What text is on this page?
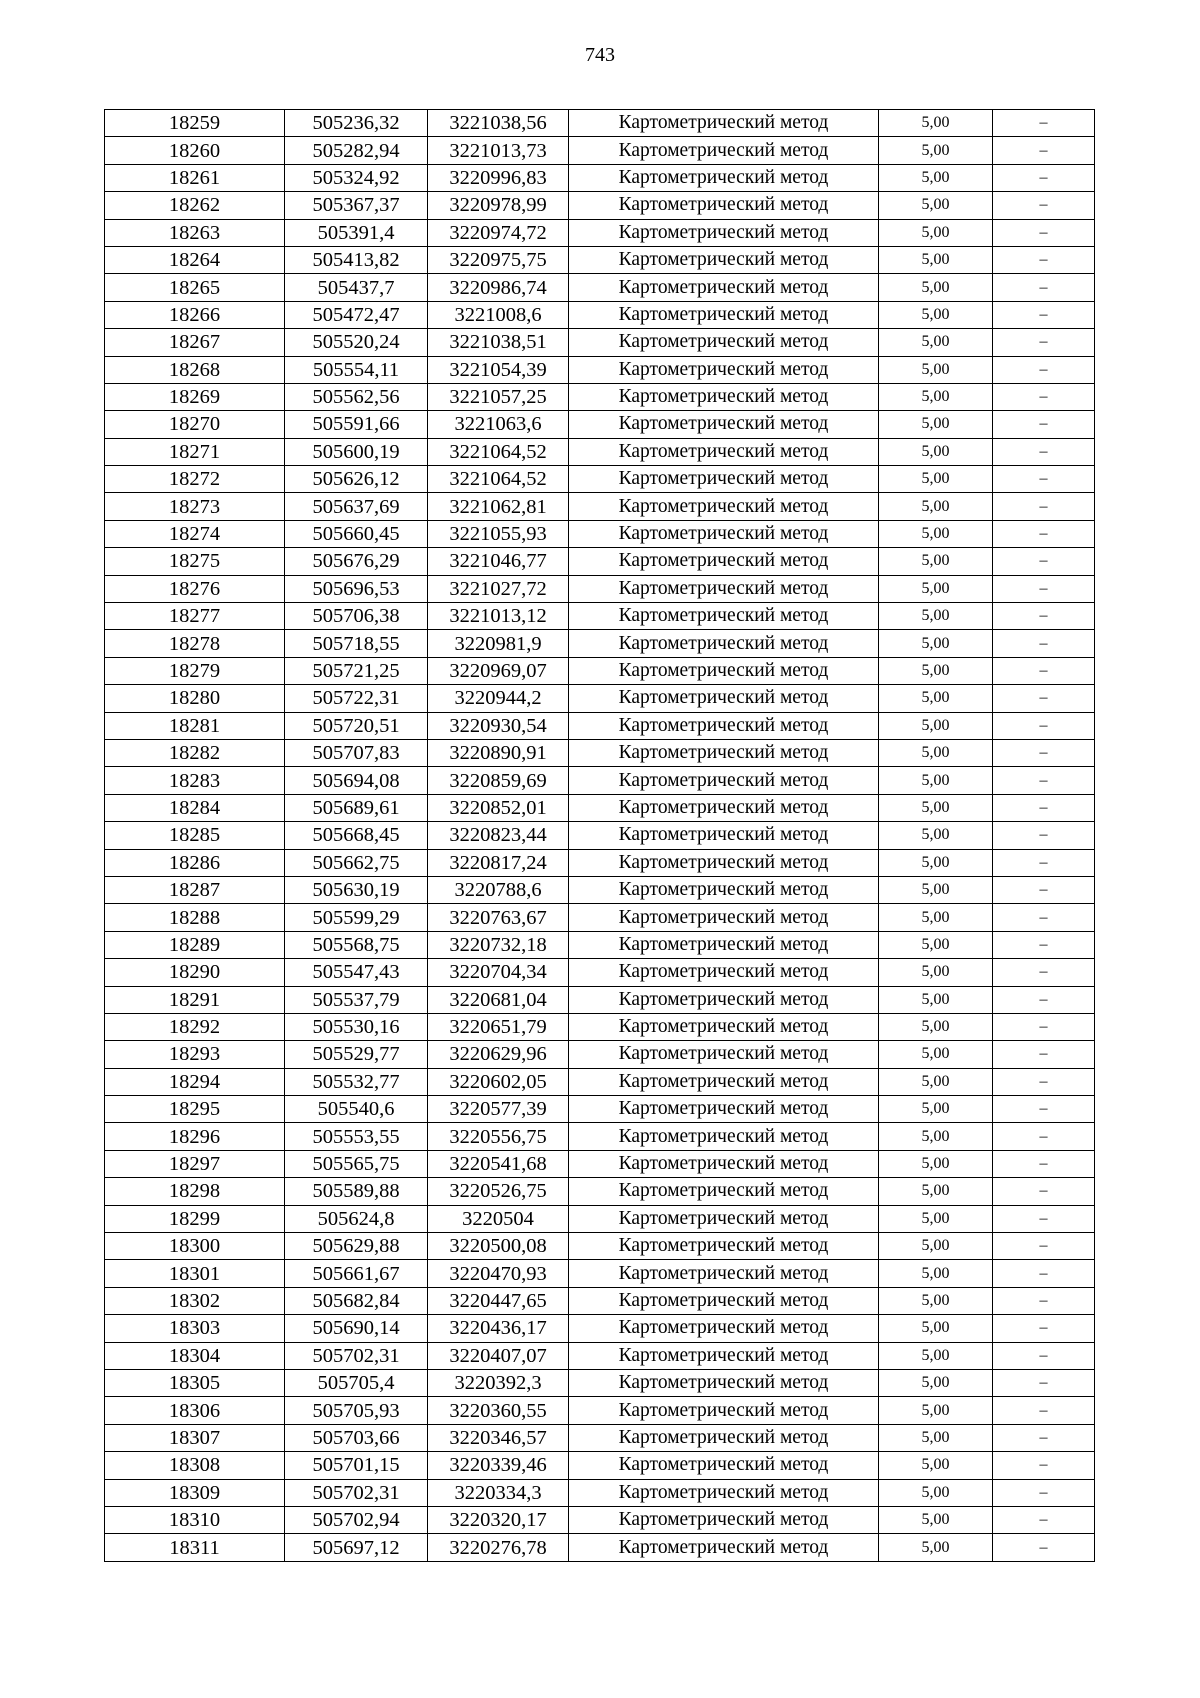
743
18259	505236,32	3221038,56	Картометрический метод	5,00	–
18260	505282,94	3221013,73	Картометрический метод	5,00	–
18261	505324,92	3220996,83	Картометрический метод	5,00	–
18262	505367,37	3220978,99	Картометрический метод	5,00	–
18263	505391,4	3220974,72	Картометрический метод	5,00	–
18264	505413,82	3220975,75	Картометрический метод	5,00	–
18265	505437,7	3220986,74	Картометрический метод	5,00	–
18266	505472,47	3221008,6	Картометрический метод	5,00	–
18267	505520,24	3221038,51	Картометрический метод	5,00	–
18268	505554,11	3221054,39	Картометрический метод	5,00	–
18269	505562,56	3221057,25	Картометрический метод	5,00	–
18270	505591,66	3221063,6	Картометрический метод	5,00	–
18271	505600,19	3221064,52	Картометрический метод	5,00	–
18272	505626,12	3221064,52	Картометрический метод	5,00	–
18273	505637,69	3221062,81	Картометрический метод	5,00	–
18274	505660,45	3221055,93	Картометрический метод	5,00	–
18275	505676,29	3221046,77	Картометрический метод	5,00	–
18276	505696,53	3221027,72	Картометрический метод	5,00	–
18277	505706,38	3221013,12	Картометрический метод	5,00	–
18278	505718,55	3220981,9	Картометрический метод	5,00	–
18279	505721,25	3220969,07	Картометрический метод	5,00	–
18280	505722,31	3220944,2	Картометрический метод	5,00	–
18281	505720,51	3220930,54	Картометрический метод	5,00	–
18282	505707,83	3220890,91	Картометрический метод	5,00	–
18283	505694,08	3220859,69	Картометрический метод	5,00	–
18284	505689,61	3220852,01	Картометрический метод	5,00	–
18285	505668,45	3220823,44	Картометрический метод	5,00	–
18286	505662,75	3220817,24	Картометрический метод	5,00	–
18287	505630,19	3220788,6	Картометрический метод	5,00	–
18288	505599,29	3220763,67	Картометрический метод	5,00	–
18289	505568,75	3220732,18	Картометрический метод	5,00	–
18290	505547,43	3220704,34	Картометрический метод	5,00	–
18291	505537,79	3220681,04	Картометрический метод	5,00	–
18292	505530,16	3220651,79	Картометрический метод	5,00	–
18293	505529,77	3220629,96	Картометрический метод	5,00	–
18294	505532,77	3220602,05	Картометрический метод	5,00	–
18295	505540,6	3220577,39	Картометрический метод	5,00	–
18296	505553,55	3220556,75	Картометрический метод	5,00	–
18297	505565,75	3220541,68	Картометрический метод	5,00	–
18298	505589,88	3220526,75	Картометрический метод	5,00	–
18299	505624,8	3220504	Картометрический метод	5,00	–
18300	505629,88	3220500,08	Картометрический метод	5,00	–
18301	505661,67	3220470,93	Картометрический метод	5,00	–
18302	505682,84	3220447,65	Картометрический метод	5,00	–
18303	505690,14	3220436,17	Картометрический метод	5,00	–
18304	505702,31	3220407,07	Картометрический метод	5,00	–
18305	505705,4	3220392,3	Картометрический метод	5,00	–
18306	505705,93	3220360,55	Картометрический метод	5,00	–
18307	505703,66	3220346,57	Картометрический метод	5,00	–
18308	505701,15	3220339,46	Картометрический метод	5,00	–
18309	505702,31	3220334,3	Картометрический метод	5,00	–
18310	505702,94	3220320,17	Картометрический метод	5,00	–
18311	505697,12	3220276,78	Картометрический метод	5,00	–
